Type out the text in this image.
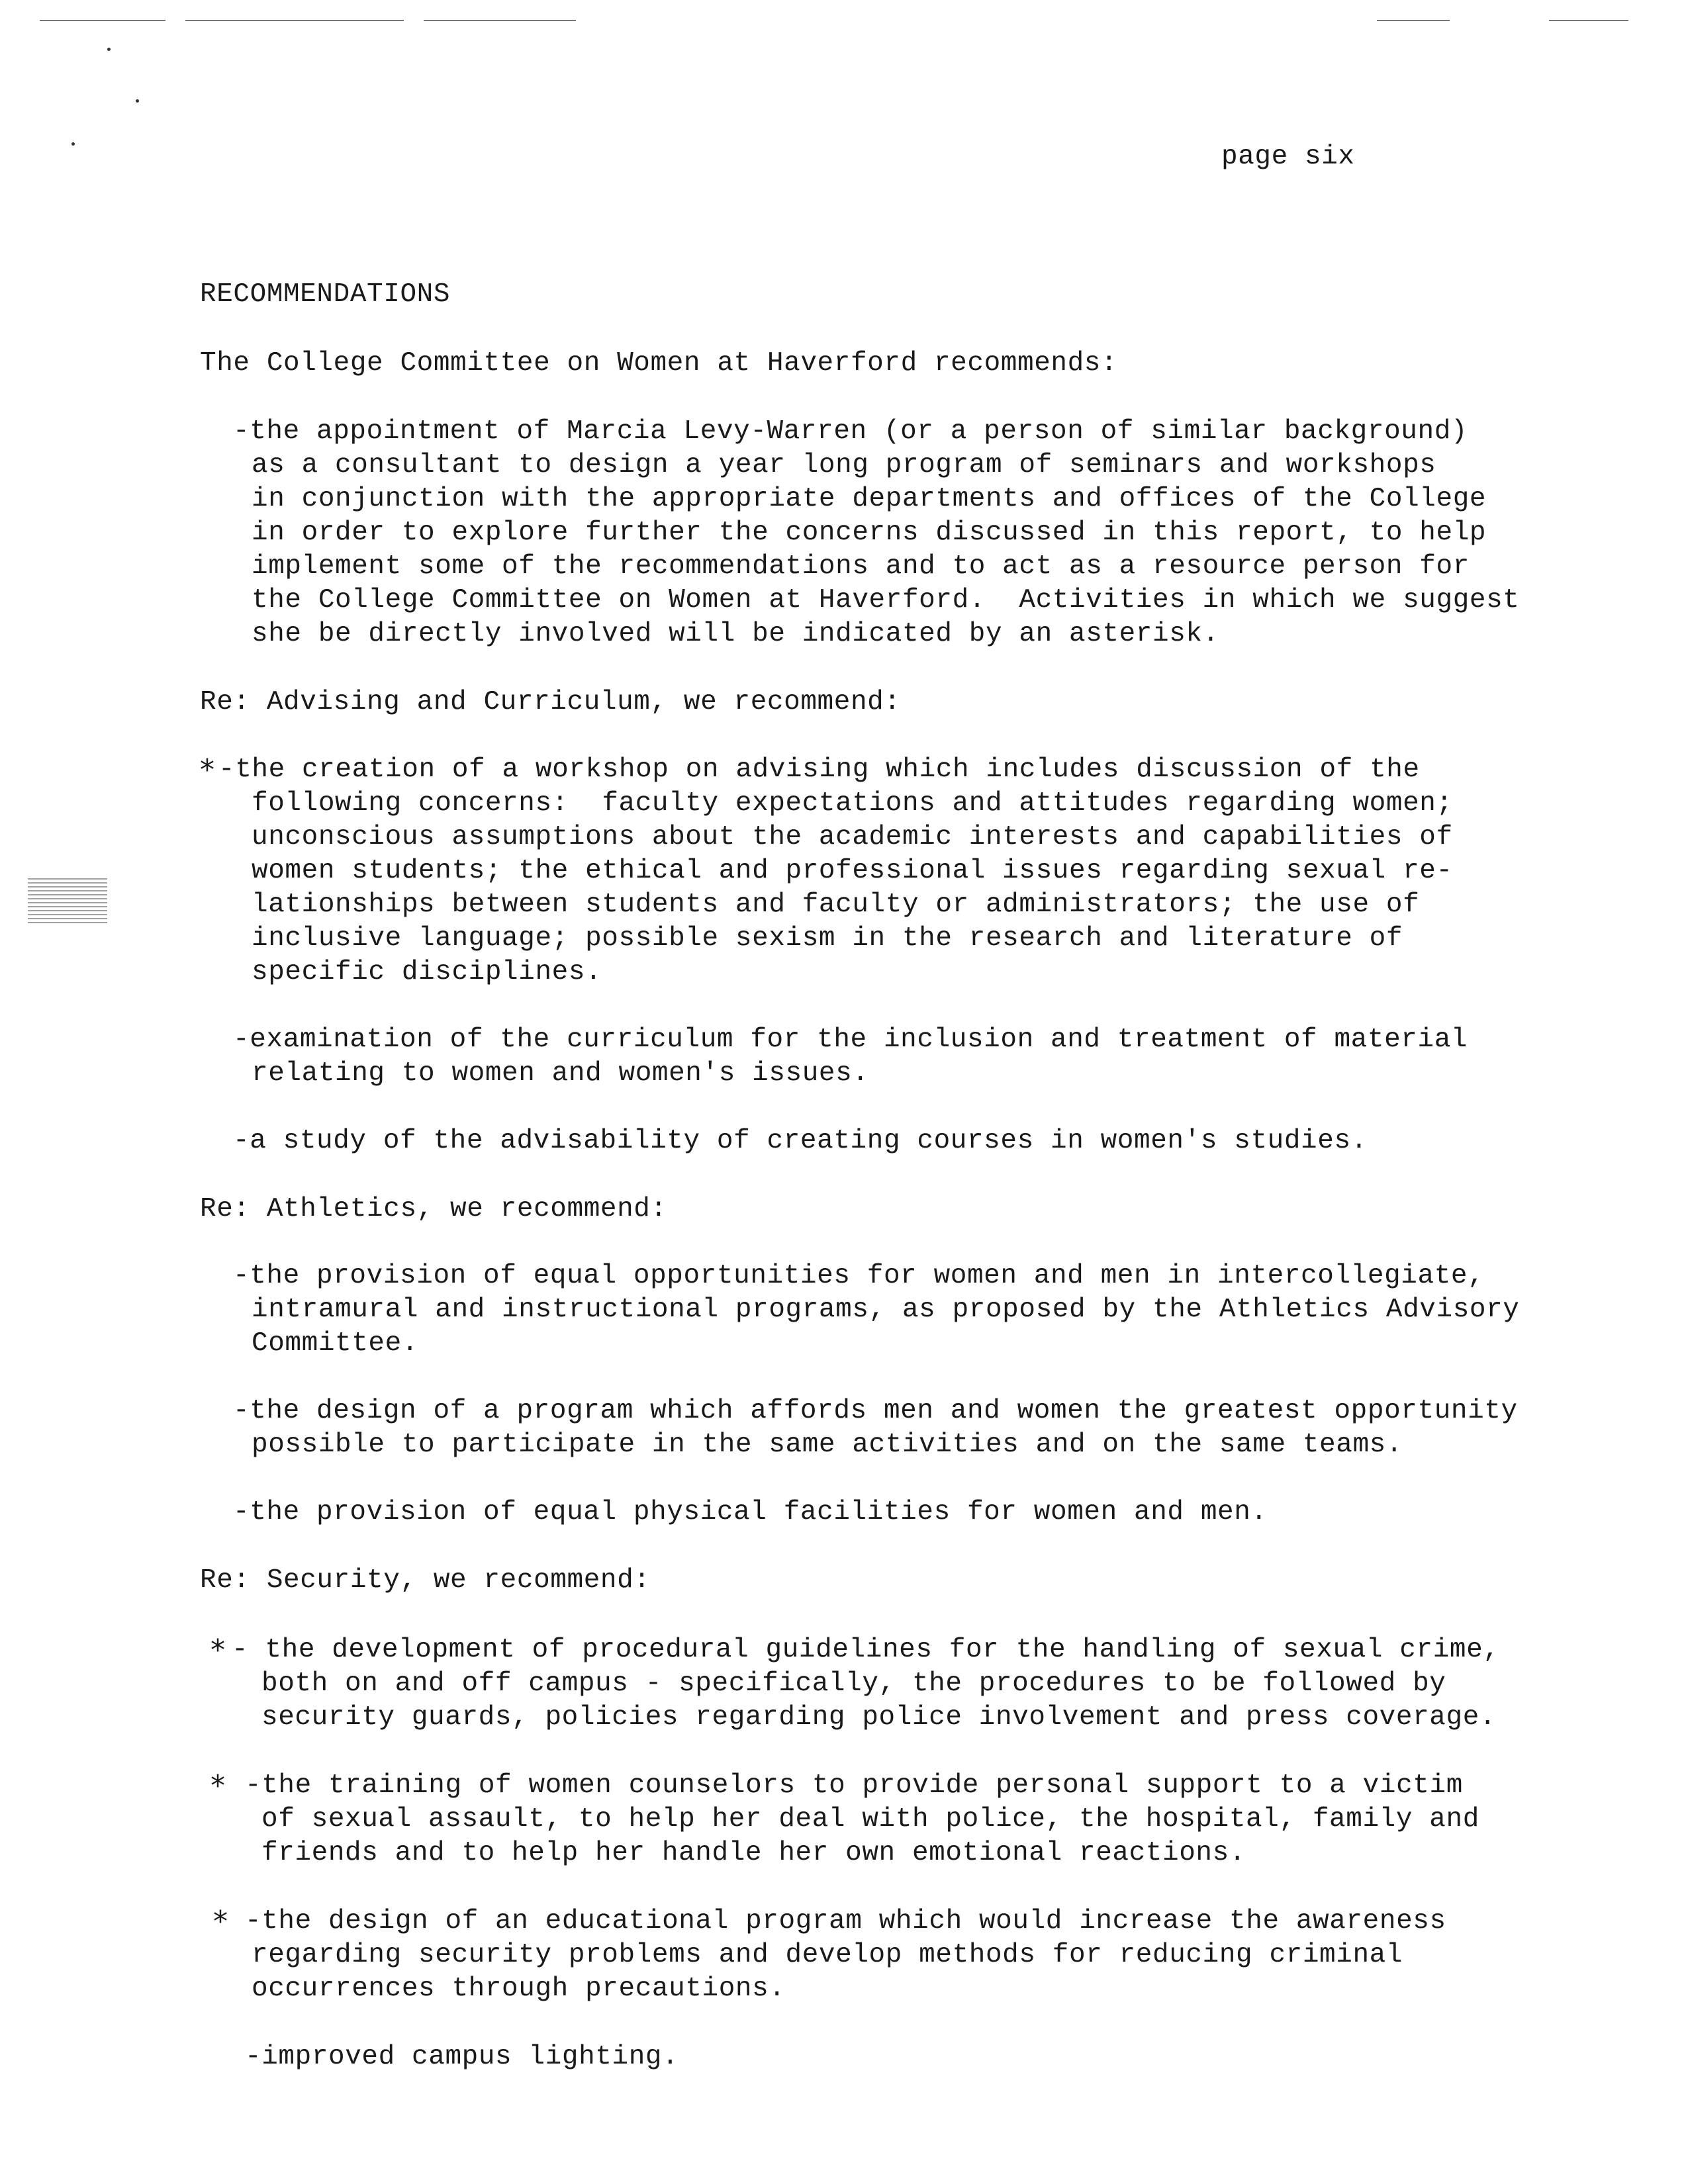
page six
RECOMMENDATIONS
The College Committee on Women at Haverford recommends:
-the appointment of Marcia Levy-Warren (or a person of similar background)
as a consultant to design a year long program of seminars and workshops
in conjunction with the appropriate departments and offices of the College
in order to explore further the concerns discussed in this report, to help
implement some of the recommendations and to act as a resource person for
the College Committee on Women at Haverford.  Activities in which we suggest
she be directly involved will be indicated by an asterisk.
Re: Advising and Curriculum, we recommend:
* -the creation of a workshop on advising which includes discussion of the
following concerns:  faculty expectations and attitudes regarding women;
unconscious assumptions about the academic interests and capabilities of
women students; the ethical and professional issues regarding sexual re-
lationships between students and faculty or administrators; the use of
inclusive language; possible sexism in the research and literature of
specific disciplines.
-examination of the curriculum for the inclusion and treatment of material
relating to women and women's issues.
-a study of the advisability of creating courses in women's studies.
Re: Athletics, we recommend:
-the provision of equal opportunities for women and men in intercollegiate,
intramural and instructional programs, as proposed by the Athletics Advisory
Committee.
-the design of a program which affords men and women the greatest opportunity
possible to participate in the same activities and on the same teams.
-the provision of equal physical facilities for women and men.
Re: Security, we recommend:
* - the development of procedural guidelines for the handling of sexual crime,
both on and off campus - specifically, the procedures to be followed by
security guards, policies regarding police involvement and press coverage.
* -the training of women counselors to provide personal support to a victim
of sexual assault, to help her deal with police, the hospital, family and
friends and to help her handle her own emotional reactions.
* -the design of an educational program which would increase the awareness
regarding security problems and develop methods for reducing criminal
occurrences through precautions.
-improved campus lighting.
